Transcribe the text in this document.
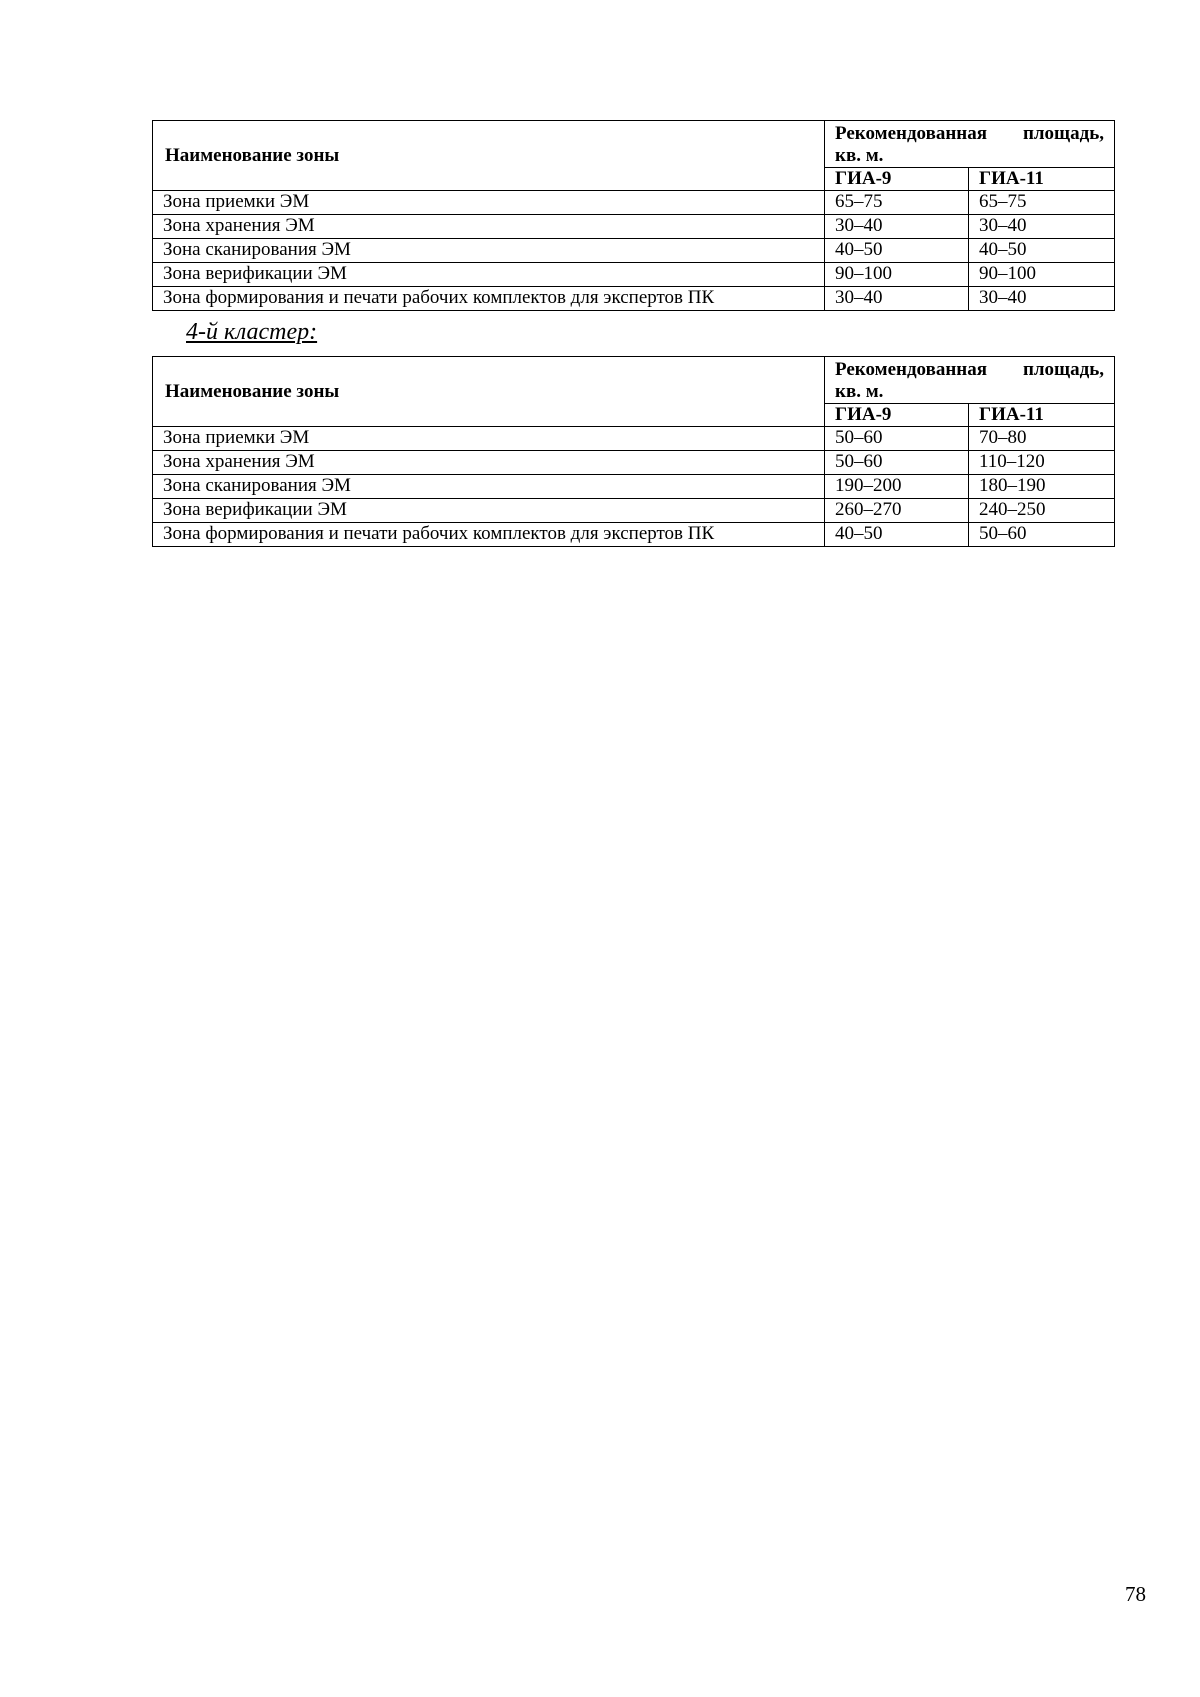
Наименование зоны	Рекомендованная площадь,
кв. м.	

	ГИА-9	ГИА-11
Зона приемки ЭМ	65–75	65–75
Зона хранения ЭМ	30–40	30–40
Зона сканирования ЭМ	40–50	40–50
Зона верификации ЭМ	90–100	90–100
Зона формирования и печати рабочих комплектов для экспертов ПК	30–40	30–40
4-й кластер:
Наименование зоны	Рекомендованная площадь,
кв. м.	

	ГИА-9	ГИА-11
Зона приемки ЭМ	50–60	70–80
Зона хранения ЭМ	50–60	110–120
Зона сканирования ЭМ	190–200	180–190
Зона верификации ЭМ	260–270	240–250
Зона формирования и печати рабочих комплектов для экспертов ПК	40–50	50–60
78
